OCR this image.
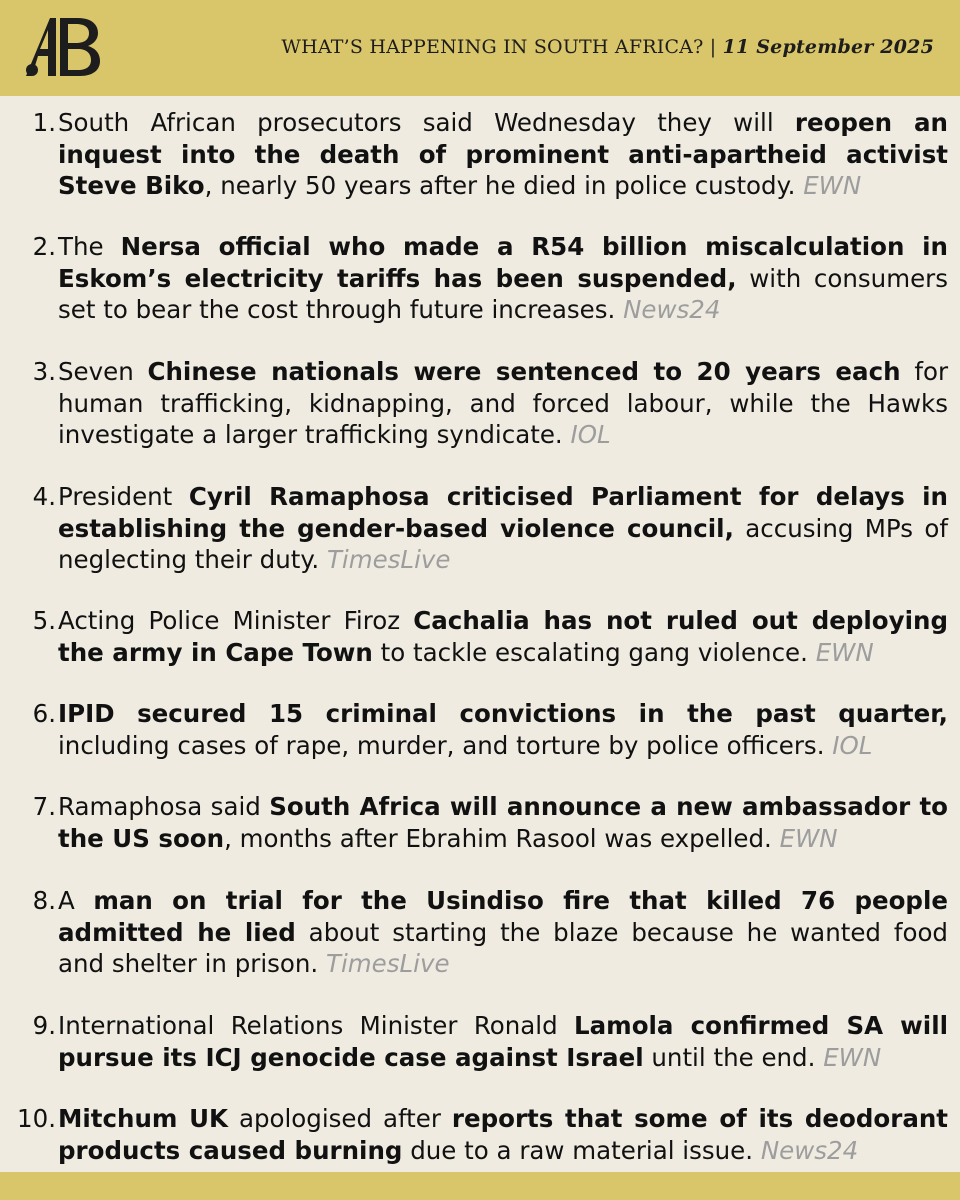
WHAT’S HAPPENING IN SOUTH AFRICA? | 11 September 2025
1. South African prosecutors said Wednesday they will reopen an inquest into the death of prominent anti-apartheid activist Steve Biko, nearly 50 years after he died in police custody. EWN
2. The Nersa official who made a R54 billion miscalculation in Eskom’s electricity tariffs has been suspended, with consumers set to bear the cost through future increases. News24
3. Seven Chinese nationals were sentenced to 20 years each for human trafficking, kidnapping, and forced labour, while the Hawks investigate a larger trafficking syndicate. IOL
4. President Cyril Ramaphosa criticised Parliament for delays in establishing the gender-based violence council, accusing MPs of neglecting their duty. TimesLive
5. Acting Police Minister Firoz Cachalia has not ruled out deploying the army in Cape Town to tackle escalating gang violence. EWN
6. IPID secured 15 criminal convictions in the past quarter, including cases of rape, murder, and torture by police officers. IOL
7. Ramaphosa said South Africa will announce a new ambassador to the US soon, months after Ebrahim Rasool was expelled. EWN
8. A man on trial for the Usindiso fire that killed 76 people admitted he lied about starting the blaze because he wanted food and shelter in prison. TimesLive
9. International Relations Minister Ronald Lamola confirmed SA will pursue its ICJ genocide case against Israel until the end. EWN
10. Mitchum UK apologised after reports that some of its deodorant products caused burning due to a raw material issue. News24
